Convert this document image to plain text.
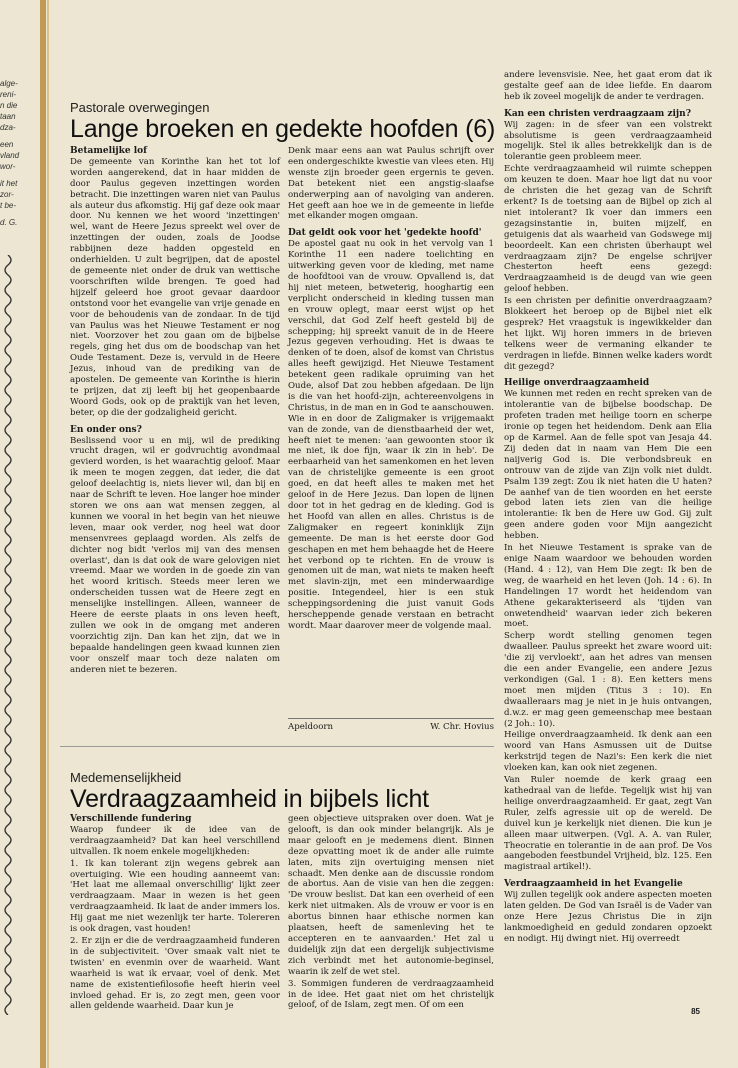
alge-
reni-
n die
taan
dza-
een
vland
wor-
it het
zor-
t be-
d. G.
Pastorale overwegingen
Lange broeken en gedekte hoofden (6)
Betamelijke lof

De gemeente van Korinthe kan het tot lof worden aangerekend, dat in haar midden de door Paulus gegeven inzettingen worden betracht. Die inzettingen waren niet van Paulus als auteur dus afkomstig. Hij gaf deze ook maar door. Nu kennen we het woord 'inzettingen' wel, want de Heere Jezus spreekt wel over de inzettingen der ouden, zoals de Joodse rabbijnen deze hadden opgesteld en onderhielden. U zult begrijpen, dat de apostel de gemeente niet onder de druk van wettische voorschriften wilde brengen. Te goed had hijzelf geleerd hoe groot gevaar daardoor ontstond voor het evangelie van vrije genade en voor de behoudenis van de zondaar. In de tijd van Paulus was het Nieuwe Testament er nog niet. Voorzover het zou gaan om de bijbelse regels, ging het dus om de boodschap van het Oude Testament. Deze is, vervuld in de Heere Jezus, inhoud van de prediking van de apostelen. De gemeente van Korinthe is hierin te prijzen, dat zij leeft bij het geopenbaarde Woord Gods, ook op de praktijk van het leven, beter, op die der godzaligheid gericht.

En onder ons?

Beslissend voor u en mij, wil de prediking vrucht dragen, wil er godvruchtig avondmaal gevierd worden, is het waarachtig geloof. Maar ik meen te mogen zeggen, dat ieder, die dat geloof deelachtig is, niets liever wil, dan bij en naar de Schrift te leven. Hoe langer hoe minder storen we ons aan wat mensen zeggen, al kunnen we vooral in het begin van het nieuwe leven, maar ook verder, nog heel wat door mensenvrees geplaagd worden. Als zelfs de dichter nog bidt 'verlos mij van des mensen overlast', dan is dat ook de ware gelovigen niet vreemd. Maar we worden in de goede zin van het woord kritisch. Steeds meer leren we onderscheiden tussen wat de Heere zegt en menselijke instellingen. Alleen, wanneer de Heere de eerste plaats in ons leven heeft, zullen we ook in de omgang met anderen voorzichtig zijn. Dan kan het zijn, dat we in bepaalde handelingen geen kwaad kunnen zien voor onszelf maar toch deze nalaten om anderen niet te bezeren.

Denk maar eens aan wat Paulus schrijft over een ondergeschikte kwestie van vlees eten. Hij wenste zijn broeder geen ergernis te geven. Dat betekent niet een angstig-slaafse onderwerping aan of navolging van anderen. Het geeft aan hoe we in de gemeente in liefde met elkander mogen omgaan.

Dat geldt ook voor het 'gedekte hoofd'

De apostel gaat nu ook in het vervolg van 1 Korinthe 11 een nadere toelichting en uitwerking geven voor de kleding, met name de hoofdtooi van de vrouw. Opvallend is, dat hij niet meteen, betweterig, hooghartig een verplicht onderscheid in kleding tussen man en vrouw oplegt, maar eerst wijst op het verschil, dat God Zelf heeft gesteld bij de schepping; hij spreekt vanuit de in de Heere Jezus gegeven verhouding. Het is dwaas te denken of te doen, alsof de komst van Christus alles heeft gewijzigd. Het Nieuwe Testament betekent geen radikale opruiming van het Oude, alsof Dat zou hebben afgedaan. De lijn is die van het hoofd-zijn, achtereenvolgens in Christus, in de man en in God te aanschouwen. Wie in en door de Zaligmaker is vrijgemaakt van de zonde, van de dienstbaarheid der wet, heeft niet te menen: 'aan gewoonten stoor ik me niet, ik doe fijn, waar ik zin in heb'. De eerbaarheid van het samenkomen en het leven van de christelijke gemeente is een groot goed, en dat heeft alles te maken met het geloof in de Here Jezus. Dan lopen de lijnen door tot in het gedrag en de kleding. God is het Hoofd van allen en alles. Christus is de Zaligmaker en regeert koninklijk Zijn gemeente. De man is het eerste door God geschapen en met hem behaagde het de Heere het verbond op te richten. En de vrouw is genomen uit de man, wat niets te maken heeft met slavin-zijn, met een minderwaardige positie. Integendeel, hier is een stuk scheppingsordening die juist vanuit Gods herscheppende genade verstaan en betracht wordt. Maar daarover meer de volgende maal.

Apeldoorn	W. Chr. Hovius
Medemenselijkheid
Verdraagzaamheid in bijbels licht
Verschillende fundering

Waarop fundeer ik de idee van de verdraagzaamheid? Dat kan heel verschillend uitvallen. Ik noem enkele mogelijkheden:

1. Ik kan tolerant zijn wegens gebrek aan overtuiging. Wie een houding aanneemt van: 'Het laat me allemaal onverschillig' lijkt zeer verdraagzaam. Maar in wezen is het geen verdraagzaamheid. Ik laat de ander immers los. Hij gaat me niet wezenlijk ter harte. Tolereren is ook dragen, vast houden!

2. Er zijn er die de verdraagzaamheid funderen in de subjectiviteit. 'Over smaak valt niet te twisten' en evenmin over de waarheid. Want waarheid is wat ik ervaar, voel of denk. Met name de existentiefilosofie heeft hierin veel invloed gehad. Er is, zo zegt men, geen voor allen geldende waarheid. Daar kun je

geen objectieve uitspraken over doen. Wat je gelooft, is dan ook minder belangrijk. Als je maar gelooft en je medemens dient. Binnen deze opvatting moet ik de ander alle ruimte laten, mits zijn overtuiging mensen niet schaadt. Men denke aan de discussie rondom de abortus. Aan de visie van hen die zeggen: 'De vrouw beslist. Dat kan een overheid of een kerk niet uitmaken. Als de vrouw er voor is en abortus binnen haar ethische normen kan plaatsen, heeft de samenleving het te accepteren en te aanvaarden.' Het zal u duidelijk zijn dat een dergelijk subjectivisme zich verbindt met het autonomie-beginsel, waarin ik zelf de wet stel.

3. Sommigen funderen de verdraagzaamheid in de idee. Het gaat niet om het christelijk geloof, of de Islam, zegt men. Of om een

andere levensvisie. Nee, het gaat erom dat ik gestalte geef aan de idee liefde. En daarom heb ik zoveel mogelijk de ander te verdragen.

Kan een christen verdraagzaam zijn?

Wij zagen: in de sfeer van een volstrekt absolutisme is geen verdraagzaamheid mogelijk. Stel ik alles betrekkelijk dan is de tolerantie geen probleem meer.

Echte verdraagzaamheid wil ruimte scheppen om keuzen te doen. Maar hoe ligt dat nu voor de christen die het gezag van de Schrift erkent? Is de toetsing aan de Bijbel op zich al niet intolerant? Ik voer dan immers een gezagsinstantie in, buiten mijzelf, en getuigenis dat als waarheid van Godswege mij beoordeelt. Kan een christen überhaupt wel verdraagzaam zijn? De engelse schrijver Chesterton heeft eens gezegd: Verdraagzaamheid is de deugd van wie geen geloof hebben.

Is een christen per definitie onverdraagzaam? Blokkeert het beroep op de Bijbel niet elk gesprek? Het vraagstuk is ingewikkelder dan het lijkt. Wij horen immers in de brieven telkens weer de vermaning elkander te verdragen in liefde. Binnen welke kaders wordt dit gezegd?

Heilige onverdraagzaamheid

We kunnen met reden en recht spreken van de intolerantie van de bijbelse boodschap. De profeten traden met heilige toorn en scherpe ironie op tegen het heidendom. Denk aan Elia op de Karmel. Aan de felle spot van Jesaja 44. Zij deden dat in naam van Hem Die een naijverig God is. Die verbondsbreuk en ontrouw van de zijde van Zijn volk niet duldt. Psalm 139 zegt: Zou ik niet haten die U haten? De aanhef van de tien woorden en het eerste gebod laten iets zien van die heilige intolerantie: Ik ben de Here uw God. Gij zult geen andere goden voor Mijn aangezicht hebben.

In het Nieuwe Testament is sprake van de enige Naam waardoor we behouden worden (Hand. 4 : 12), van Hem Die zegt: Ik ben de weg, de waarheid en het leven (Joh. 14 : 6). In Handelingen 17 wordt het heidendom van Athene gekarakteriseerd als 'tijden van onwetendheid' waarvan ieder zich bekeren moet.

Scherp wordt stelling genomen tegen dwaalleer. Paulus spreekt het zware woord uit: 'die zij vervloekt', aan het adres van mensen die een ander Evangelie, een andere Jezus verkondigen (Gal. 1 : 8). Een ketters mens moet men mijden (Titus 3 : 10). En dwaalleraars mag je niet in je huis ontvangen, d.w.z. er mag geen gemeenschap mee bestaan (2 Joh.: 10).

Heilige onverdraagzaamheid. Ik denk aan een woord van Hans Asmussen uit de Duitse kerkstrijd tegen de Nazi's: Een kerk die niet vloeken kan, kan ook niet zegenen.

Van Ruler noemde de kerk graag een kathedraal van de liefde. Tegelijk wist hij van heilige onverdraagzaamheid. Er gaat, zegt Van Ruler, zelfs agressie uit op de wereld. De duivel kun je kerkelijk niet dienen. Die kun je alleen maar uitwerpen. (Vgl. A. A. van Ruler, Theocratie en tolerantie in de aan prof. De Vos aangeboden feestbundel Vrijheid, blz. 125. Een magistraal artikel!).

Verdraagzaamheid in het Evangelie

Wij zullen tegelijk ook andere aspecten moeten laten gelden. De God van Israël is de Vader van onze Here Jezus Christus Die in zijn lankmoedigheid en geduld zondaren opzoekt en nodigt. Hij dwingt niet. Hij overreedt

85
